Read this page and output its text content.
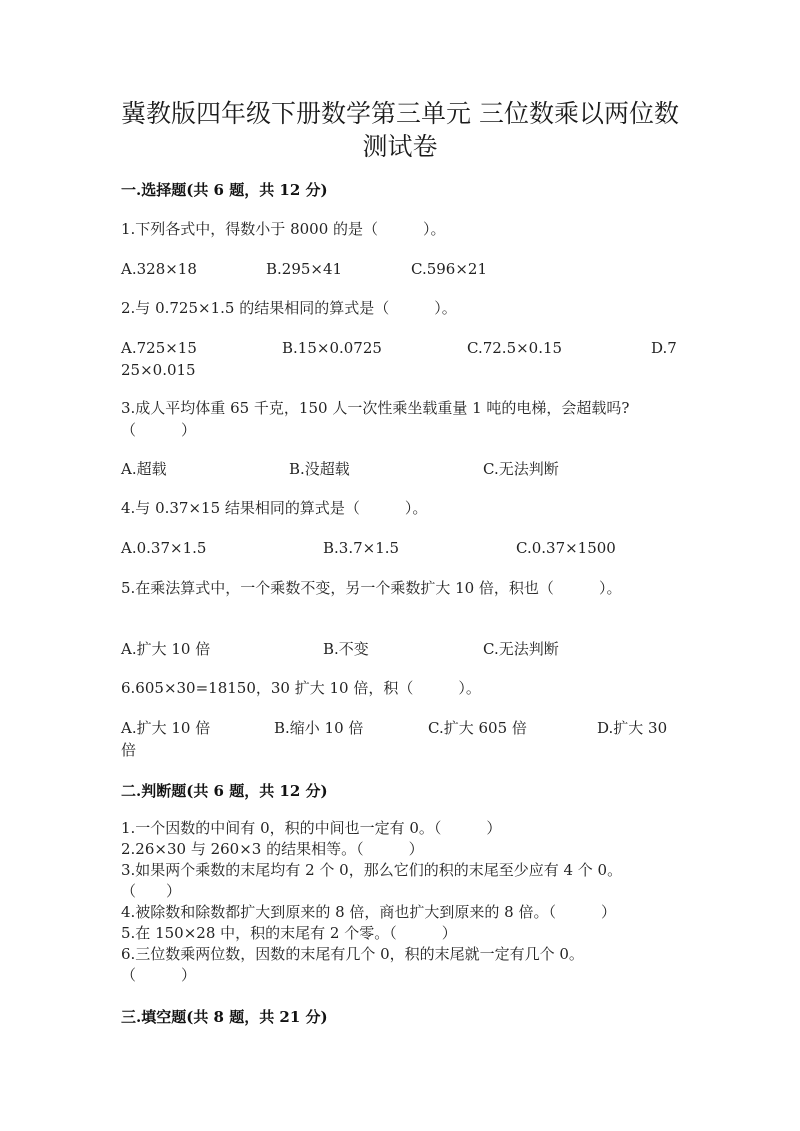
冀教版四年级下册数学第三单元 三位数乘以两位数
测试卷
一.选择题(共 6 题，共 12 分)
1.下列各式中，得数小于 8000 的是（　　　）。
A.328×18	B.295×41	C.596×21
2.与 0.725×1.5 的结果相同的算式是（　　　）。
A.725×15	B.15×0.0725	C.72.5×0.15	D.7
25×0.015
3.成人平均体重 65 千克，150 人一次性乘坐载重量 1 吨的电梯，会超载吗?
（　　　）
A.超载	B.没超载	C.无法判断
4.与 0.37×15 结果相同的算式是（　　　）。
A.0.37×1.5	B.3.7×1.5	C.0.37×1500
5.在乘法算式中，一个乘数不变，另一个乘数扩大 10 倍，积也（　　　）。
A.扩大 10 倍	B.不变	C.无法判断
6.605×30=18150，30 扩大 10 倍，积（　　　）。
A.扩大 10 倍	B.缩小 10 倍	C.扩大 605 倍	D.扩大 30
倍
二.判断题(共 6 题，共 12 分)
1.一个因数的中间有 0，积的中间也一定有 0。（　　　）
2.26×30 与 260×3 的结果相等。（　　　）
3.如果两个乘数的末尾均有 2 个 0，那么它们的积的末尾至少应有 4 个 0。
（　　）
4.被除数和除数都扩大到原来的 8 倍，商也扩大到原来的 8 倍。（　　　）
5.在 150×28 中，积的末尾有 2 个零。（　　　）
6.三位数乘两位数，因数的末尾有几个 0，积的末尾就一定有几个 0。
（　　　）
三.填空题(共 8 题，共 21 分)
